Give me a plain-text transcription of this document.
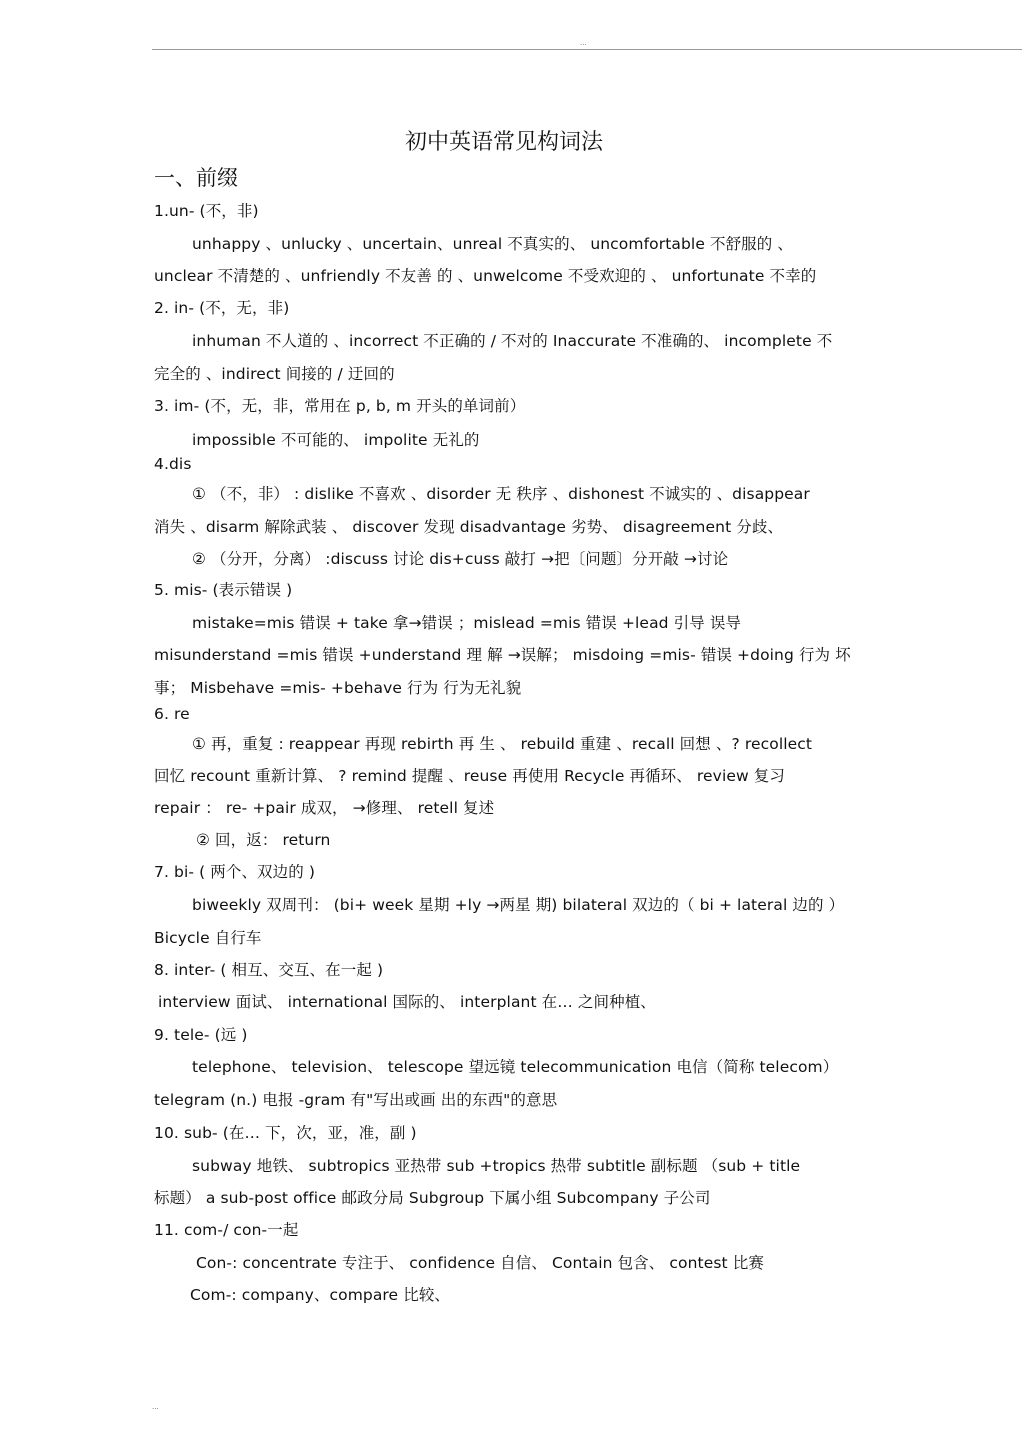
...
初中英语常见构词法
一、前缀
1.un- (不，非)
unhappy 、unlucky 、uncertain、unreal 不真实的、 uncomfortable 不舒服的 、
unclear 不清楚的 、unfriendly 不友善 的 、unwelcome 不受欢迎的 、 unfortunate 不幸的
2. in- (不，无，非)
inhuman 不人道的 、incorrect 不正确的 / 不对的 Inaccurate 不准确的、 incomplete 不
完全的 、indirect 间接的 / 迂回的
3. im- (不，无，非，常用在 p, b, m 开头的单词前）
impossible 不可能的、 impolite 无礼的
4.dis
① （不，非） : dislike 不喜欢 、disorder 无 秩序 、dishonest 不诚实的 、disappear
消失 、disarm 解除武装 、 discover 发现 disadvantage 劣势、 disagreement 分歧、
② （分开，分离） :discuss 讨论 dis+cuss 敲打 →把〔问题〕分开敲 →讨论
5. mis- (表示错误 )
mistake=mis 错误 + take 拿→错误 ；mislead =mis 错误 +lead 引导 误导
misunderstand =mis 错误 +understand 理 解 →误解； misdoing =mis- 错误 +doing 行为 坏
事； Misbehave =mis- +behave 行为 行为无礼貌
6. re
① 再，重复 : reappear 再现 rebirth 再 生 、 rebuild 重建 、recall 回想 、? recollect
回忆 recount 重新计算、 ? remind 提醒 、reuse 再使用 Recycle 再循环、 review 复习
repair ： re- +pair 成双， →修理、 retell 复述
② 回，返： return
7. bi- ( 两个、双边的 )
biweekly 双周刊： (bi+ week 星期 +ly →两星 期) bilateral 双边的（ bi + lateral 边的 ）
Bicycle 自行车
8. inter- ( 相互、交互、在一起 )
interview 面试、 international 国际的、 interplant 在… 之间种植、
9. tele- (远 )
telephone、 television、 telescope 望远镜 telecommunication 电信（简称 telecom）
telegram (n.) 电报 -gram 有"写出或画 出的东西"的意思
10. sub- (在… 下，次，亚，准，副 )
subway 地铁、 subtropics 亚热带 sub +tropics 热带 subtitle 副标题 （sub + title
标题） a sub-post office 邮政分局 Subgroup 下属小组 Subcompany 子公司
11. com-/ con-一起
Con-: concentrate 专注于、 confidence 自信、 Contain 包含、 contest 比赛
Com-: company、compare 比较、
...
